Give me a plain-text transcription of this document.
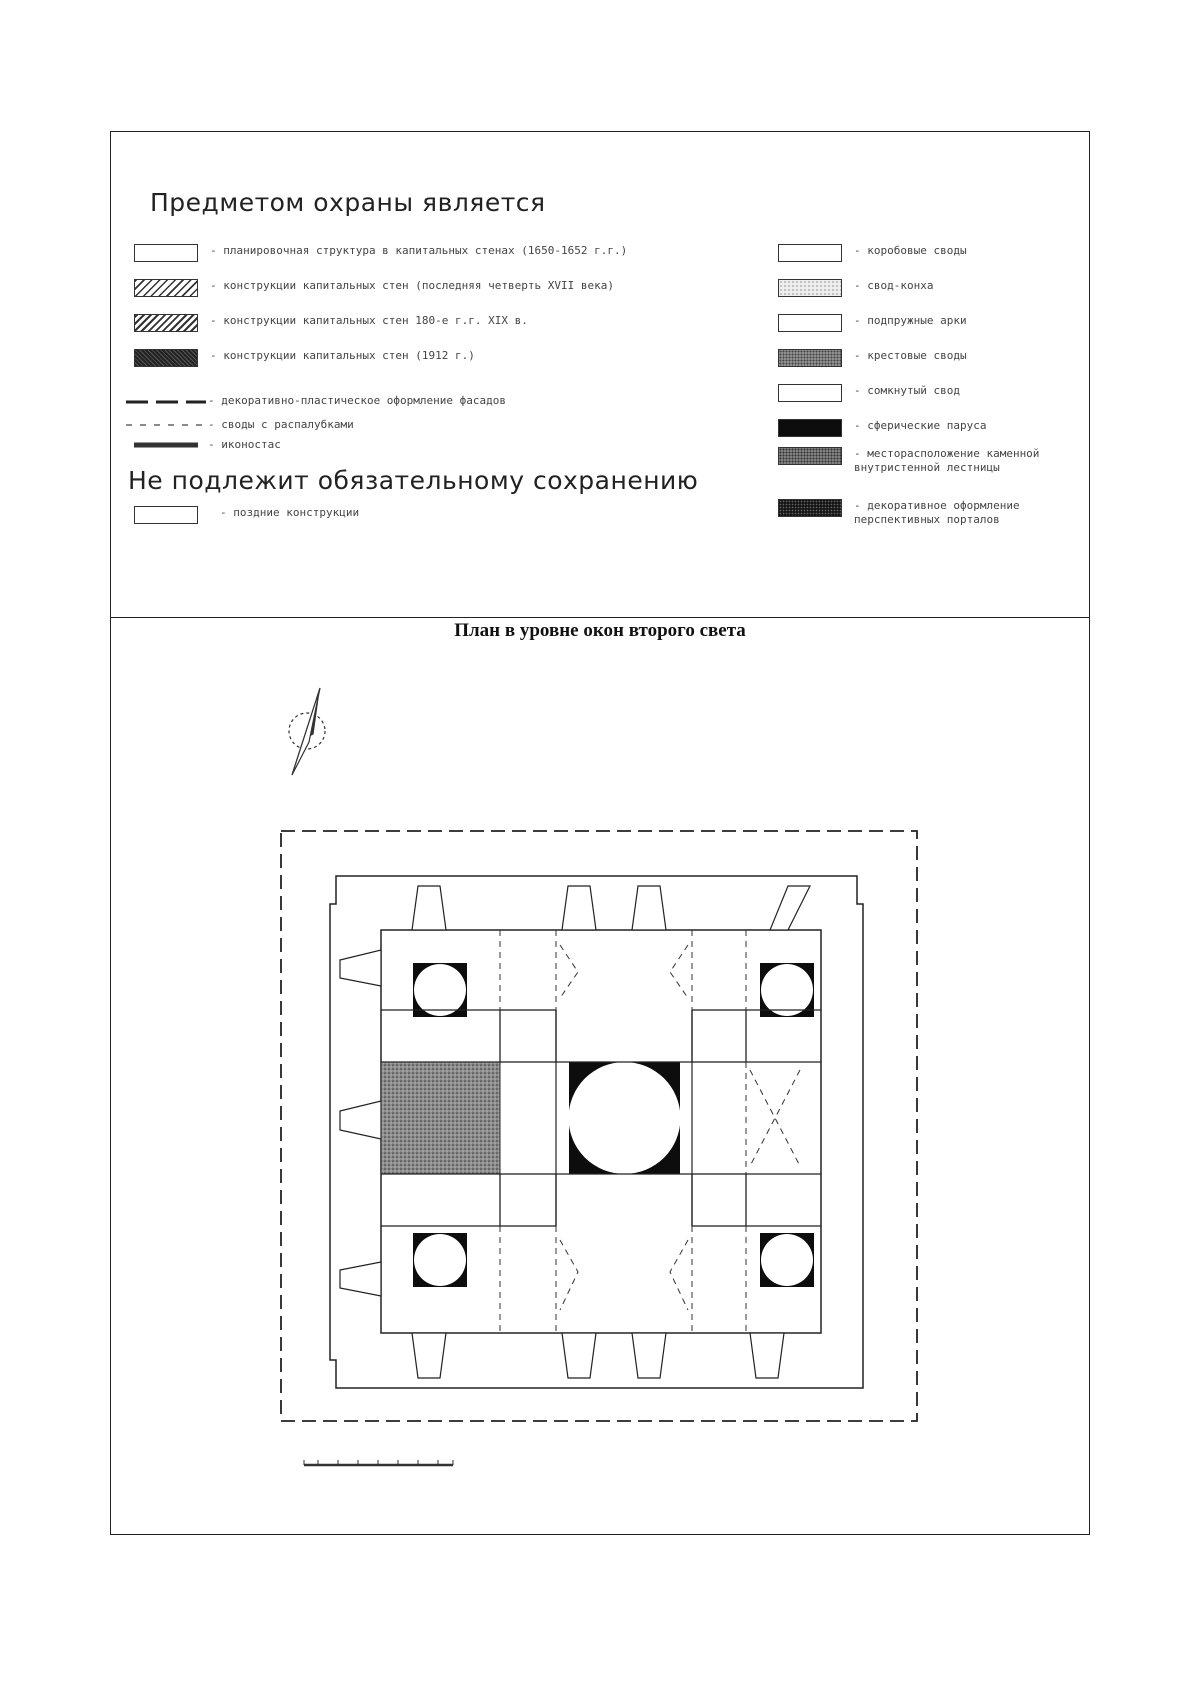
Предметом охраны является
- планировочная структура в капитальных стенах (1650-1652 г.г.)
- конструкции капитальных стен (последняя четверть XVII века)
- конструкции капитальных стен 180-е г.г. XIX в.
- конструкции капитальных стен (1912 г.)
- декоративно-пластическое оформление фасадов
- своды с распалубками
- иконостас
Не подлежит обязательному сохранению
- поздние конструкции
- коробовые своды
- свод-конха
- подпружные арки
- крестовые своды
- сомкнутый свод
- сферические паруса
- месторасположение каменной внутристенной лестницы
- декоративное оформление перспективных порталов
План в уровне окон второго света
